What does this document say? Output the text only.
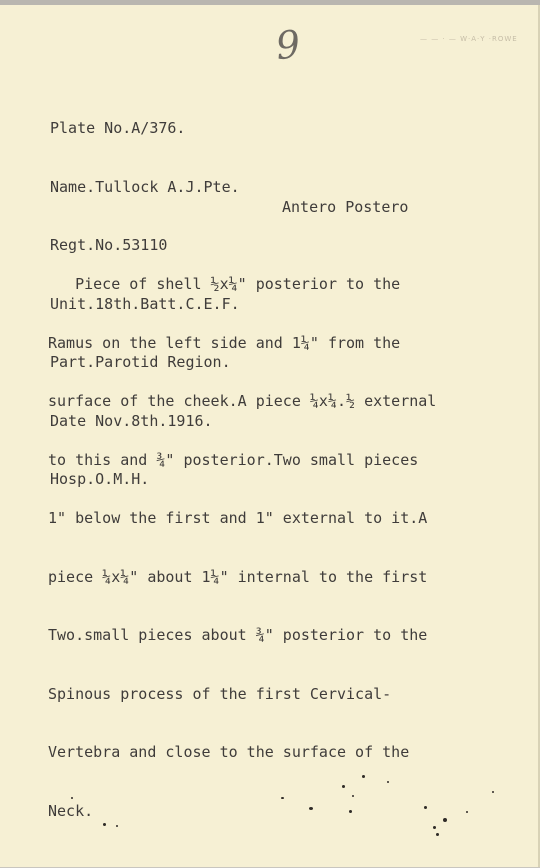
9	— — · — W·A·Y ·ROWE

Plate No.A/376.

Name.Tullock A.J.Pte.

Regt.No.53110

Unit.18th.Batt.C.E.F.

Part.Parotid Region.

Date Nov.8th.1916.

Hosp.O.M.H.

Antero Postero

Piece of shell ½x¼" posterior to the

Ramus on the left side and 1¼" from the

surface of the cheek.A piece ¼x¼.½ external

to this and ¾" posterior.Two small pieces

1" below the first and 1" external to it.A

piece ¼x¼" about 1¼" internal to the first

Two.small pieces about ¾" posterior to the

Spinous process of the first Cervical-

Vertebra and close to the surface of the

Neck.
